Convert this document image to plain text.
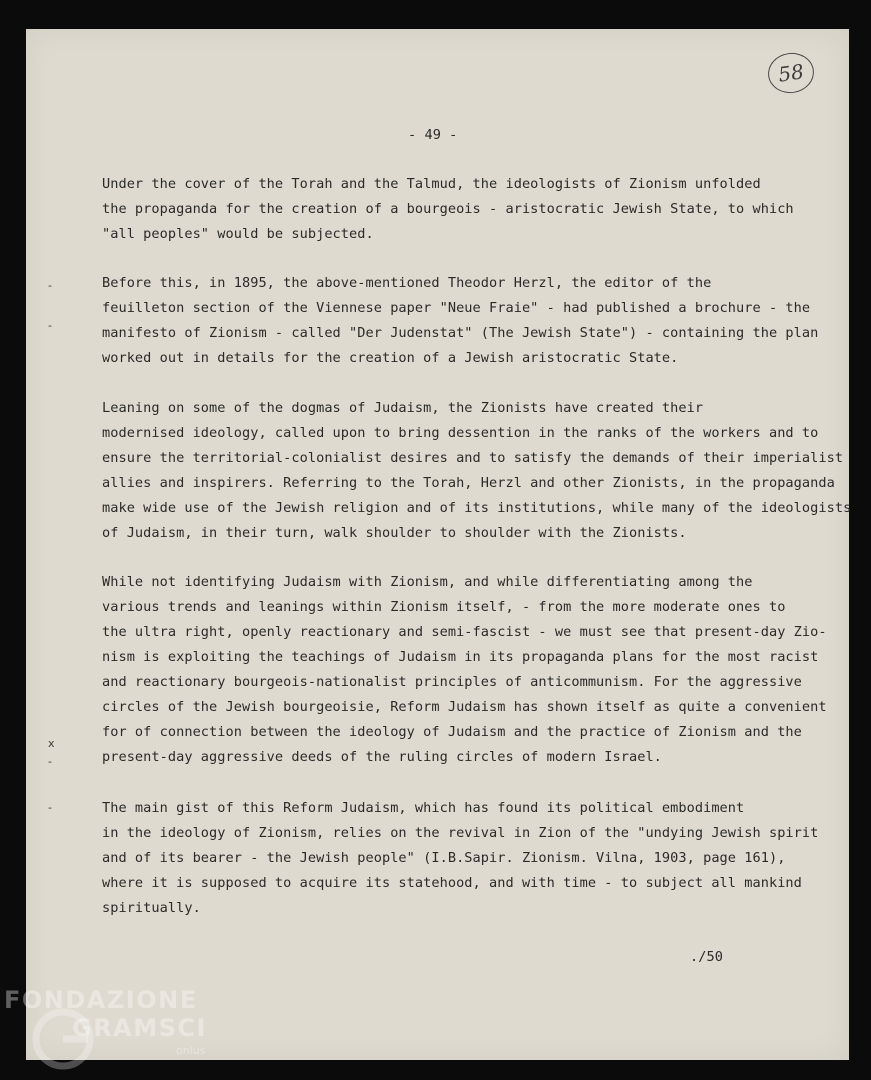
58
- 49 -
Under the cover of the Torah and the Talmud, the ideologists of Zionism unfolded
the propaganda for the creation of a bourgeois - aristocratic Jewish State, to which
"all peoples" would be subjected.
Before this, in 1895, the above-mentioned Theodor Herzl, the editor of the
feuilleton section of the Viennese paper "Neue Fraie" - had published a brochure - the
manifesto of Zionism - called "Der Judenstat" (The Jewish State") - containing the plan
worked out in details for the creation of a Jewish aristocratic State.
Leaning on some of the dogmas of Judaism, the Zionists have created their
modernised ideology, called upon to bring dessention in the ranks of the workers and to
ensure the territorial-colonialist desires and to satisfy the demands of their imperialist
allies and inspirers. Referring to the Torah, Herzl and other Zionists, in the propaganda
make wide use of the Jewish religion and of its institutions, while many of the ideologists
of Judaism, in their turn, walk shoulder to shoulder with the Zionists.
While not identifying Judaism with Zionism, and while differentiating among the
various trends and leanings within Zionism itself, - from the more moderate ones to
the ultra right, openly reactionary and semi-fascist - we must see that present-day Zio-
nism is exploiting the teachings of Judaism in its propaganda plans for the most racist
and reactionary bourgeois-nationalist principles of anticommunism. For the aggressive
circles of the Jewish bourgeoisie, Reform Judaism has shown itself as quite a convenient
for of connection between the ideology of Judaism and the practice of Zionism and the
present-day aggressive deeds of the ruling circles of modern Israel.
The main gist of this Reform Judaism, which has found its political embodiment
in the ideology of Zionism, relies on the revival in Zion of the "undying Jewish spirit
and of its bearer - the Jewish people" (I.B.Sapir. Zionism. Vilna, 1903, page 161),
where it is supposed to acquire its statehood, and with time - to subject all mankind
spiritually.
./50
-
-
x
-
-
FONDAZIONE
GRAMSCI
onlus
